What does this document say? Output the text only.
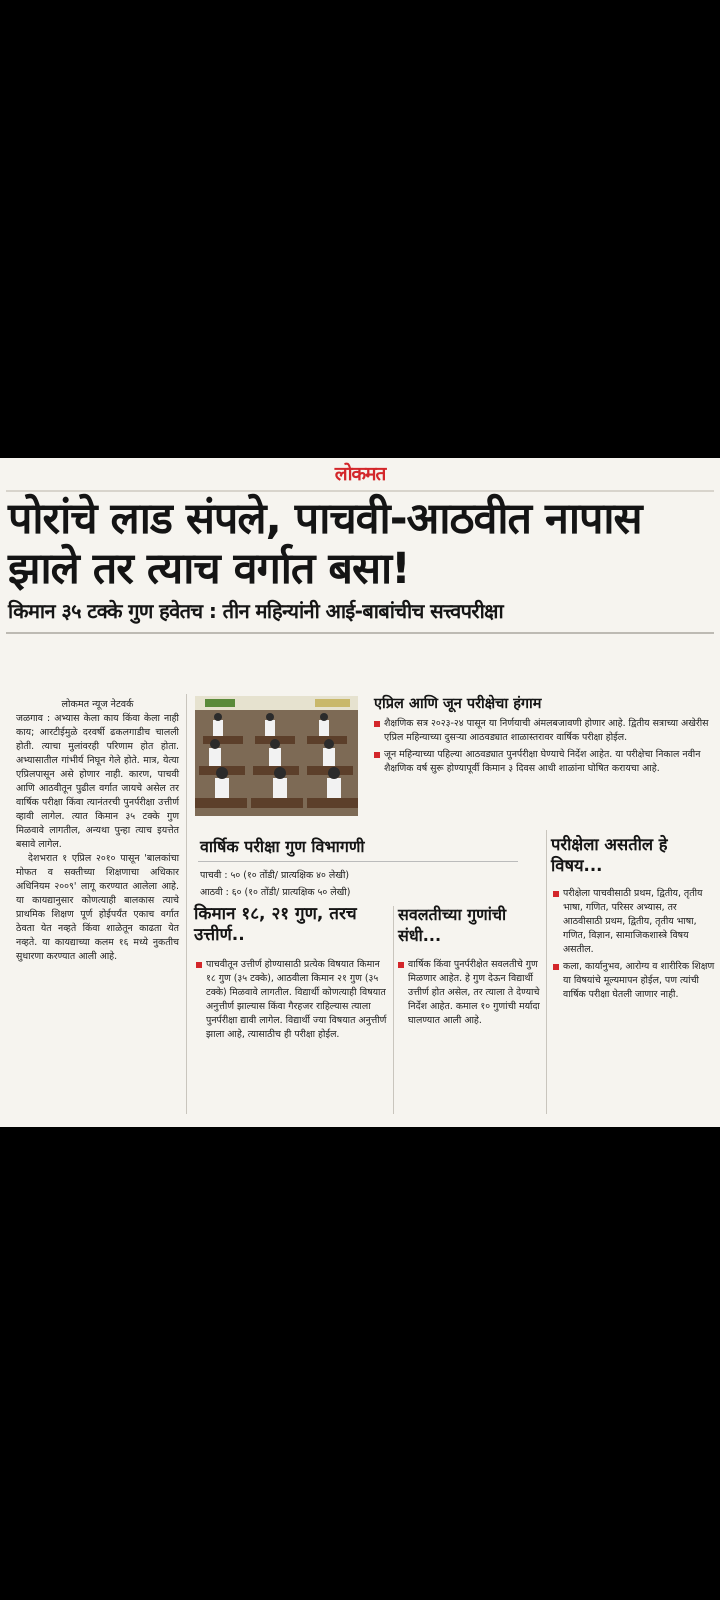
लोकमत
पोरांचे लाड संपले, पाचवी-आठवीत नापास झाले तर त्याच वर्गात बसा!
किमान ३५ टक्के गुण हवेतच : तीन महिन्यांनी आई-बाबांचीच सत्त्वपरीक्षा

लोकमत न्यूज नेटवर्क

जळगाव : अभ्यास केला काय किंवा केला नाही काय; आरटीईमुळे दरवर्षी ढकलगाडीच चालली होती. त्याचा मुलांवरही परिणाम होत होता. अभ्यासातील गांभीर्य निघून गेले होते. मात्र, येत्या एप्रिलपासून असे होणार नाही. कारण, पाचवी आणि आठवीतून पुढील वर्गात जायचे असेल तर वार्षिक परीक्षा किंवा त्यानंतरची पुनर्परीक्षा उत्तीर्ण व्हावी लागेल. त्यात किमान ३५ टक्के गुण मिळवावे लागतील, अन्यथा पुन्हा त्याच इयत्तेत बसावे लागेल.

देशभरात १ एप्रिल २०१० पासून 'बालकांचा मोफत व सक्तीच्या शिक्षणाचा अधिकार अधिनियम २००९' लागू करण्यात आलेला आहे. या कायद्यानुसार कोणत्याही बालकास त्याचे प्राथमिक शिक्षण पूर्ण होईपर्यंत एकाच वर्गात ठेवता येत नव्हते किंवा शाळेतून काढता येत नव्हते. या कायद्याच्या कलम १६ मध्ये नुकतीच सुधारणा करण्यात आली आहे.

एप्रिल आणि जून परीक्षेचा हंगाम
शैक्षणिक सत्र २०२३-२४ पासून या निर्णयाची अंमलबजावणी होणार आहे. द्वितीय सत्राच्या अखेरीस एप्रिल महिन्याच्या दुसऱ्या आठवड्यात शाळास्तरावर वार्षिक परीक्षा होईल.
जून महिन्याच्या पहिल्या आठवड्यात पुनर्परीक्षा घेण्याचे निर्देश आहेत. या परीक्षेचा निकाल नवीन शैक्षणिक वर्ष सुरू होण्यापूर्वी किमान ३ दिवस आधी शाळांना घोषित करायचा आहे.
वार्षिक परीक्षा गुण विभागणी
पाचवी : ५० (१० तोंडी/ प्रात्यक्षिक ४० लेखी)
आठवी : ६० (१० तोंडी/ प्रात्यक्षिक ५० लेखी)
किमान १८, २१ गुण, तरच उत्तीर्ण..
पाचवीतून उत्तीर्ण होण्यासाठी प्रत्येक विषयात किमान १८ गुण (३५ टक्के), आठवीला किमान २१ गुण (३५ टक्के) मिळवावे लागतील. विद्यार्थी कोणत्याही विषयात अनुत्तीर्ण झाल्यास किंवा गैरहजर राहिल्यास त्याला पुनर्परीक्षा द्यावी लागेल. विद्यार्थी ज्या विषयात अनुत्तीर्ण झाला आहे, त्यासाठीच ही परीक्षा होईल.
सवलतीच्या गुणांची संधी...
वार्षिक किंवा पुनर्परीक्षेत सवलतीचे गुण मिळणार आहेत. हे गुण देऊन विद्यार्थी उत्तीर्ण होत असेल, तर त्याला ते देण्याचे निर्देश आहेत. कमाल १० गुणांची मर्यादा घालण्यात आली आहे.
परीक्षेला असतील हे विषय...
परीक्षेला पाचवीसाठी प्रथम, द्वितीय, तृतीय भाषा, गणित, परिसर अभ्यास, तर आठवीसाठी प्रथम, द्वितीय, तृतीय भाषा, गणित, विज्ञान, सामाजिकशास्त्रे विषय असतील.
कला, कार्यानुभव, आरोग्य व शारीरिक शिक्षण या विषयांचे मूल्यमापन होईल, पण त्यांची वार्षिक परीक्षा घेतली जाणार नाही.
